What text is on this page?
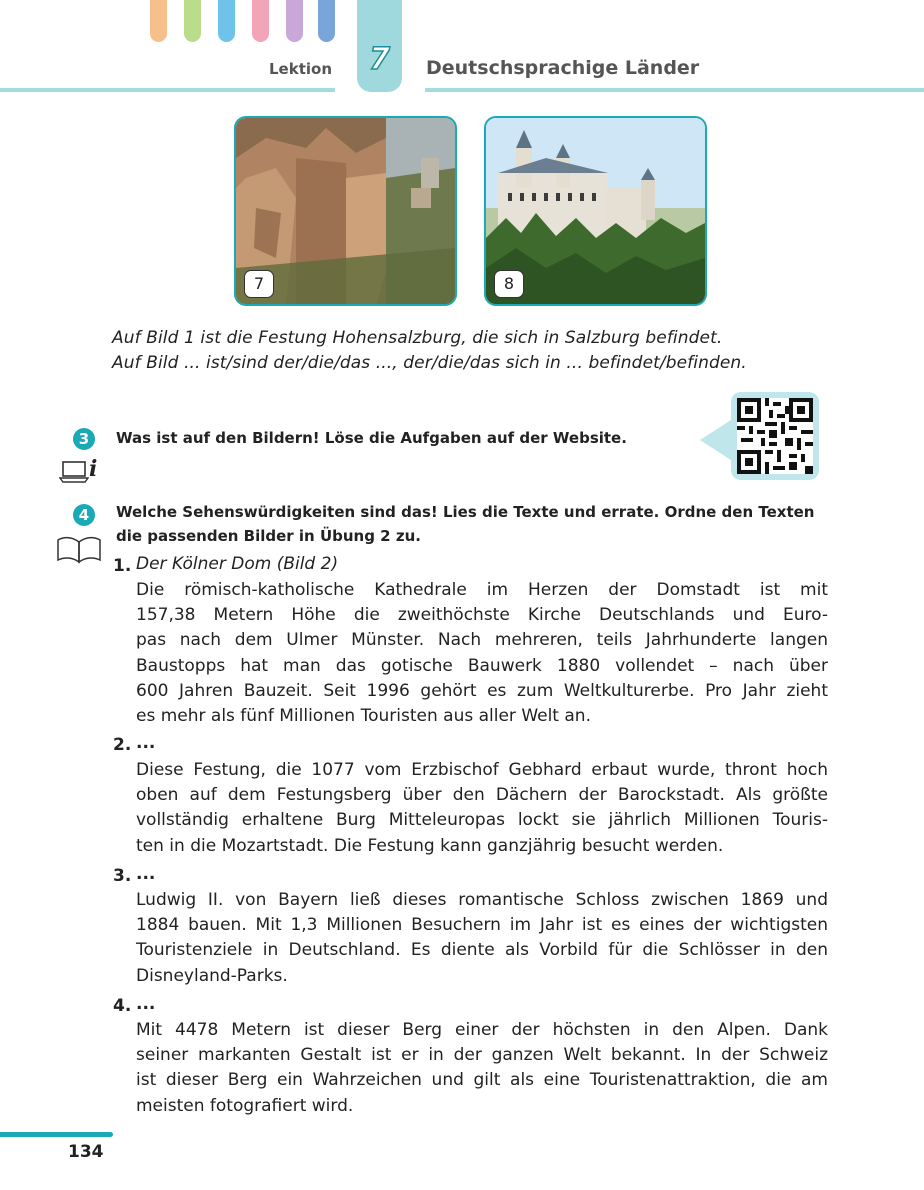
Lektion	7	Deutschsprachige Länder
7	8
Auf Bild 1 ist die Festung Hohensalzburg, die sich in Salzburg befindet.
Auf Bild ... ist/sind der/die/das ..., der/die/das sich in ... befindet/befinden.
3
i
Was ist auf den Bildern! Löse die Aufgaben auf der Website.
4	Welche Sehenswürdigkeiten sind das! Lies die Texte und errate. Ordne den Texten
die passenden Bilder in Übung 2 zu.
1. Der Kölner Dom (Bild 2)
Die römisch-katholische Kathedrale im Herzen der Domstadt ist mit
157,38 Metern Höhe die zweithöchste Kirche Deutschlands und Euro-
pas nach dem Ulmer Münster. Nach mehreren, teils Jahrhunderte langen
Baustopps hat man das gotische Bauwerk 1880 vollendet – nach über
600 Jahren Bauzeit. Seit 1996 gehört es zum Weltkulturerbe. Pro Jahr zieht
es mehr als fünf Millionen Touristen aus aller Welt an.
2. ...
Diese Festung, die 1077 vom Erzbischof Gebhard erbaut wurde, thront hoch
oben auf dem Festungsberg über den Dächern der Barockstadt. Als größte
vollständig erhaltene Burg Mitteleuropas lockt sie jährlich Millionen Touris-
ten in die Mozartstadt. Die Festung kann ganzjährig besucht werden.
3. ...
Ludwig II. von Bayern ließ dieses romantische Schloss zwischen 1869 und
1884 bauen. Mit 1,3 Millionen Besuchern im Jahr ist es eines der wichtigsten
Touristenziele in Deutschland. Es diente als Vorbild für die Schlösser in den
Disneyland-Parks.
4. ...
Mit 4478 Metern ist dieser Berg einer der höchsten in den Alpen. Dank
seiner markanten Gestalt ist er in der ganzen Welt bekannt. In der Schweiz
ist dieser Berg ein Wahrzeichen und gilt als eine Touristenattraktion, die am
meisten fotografiert wird.
134
